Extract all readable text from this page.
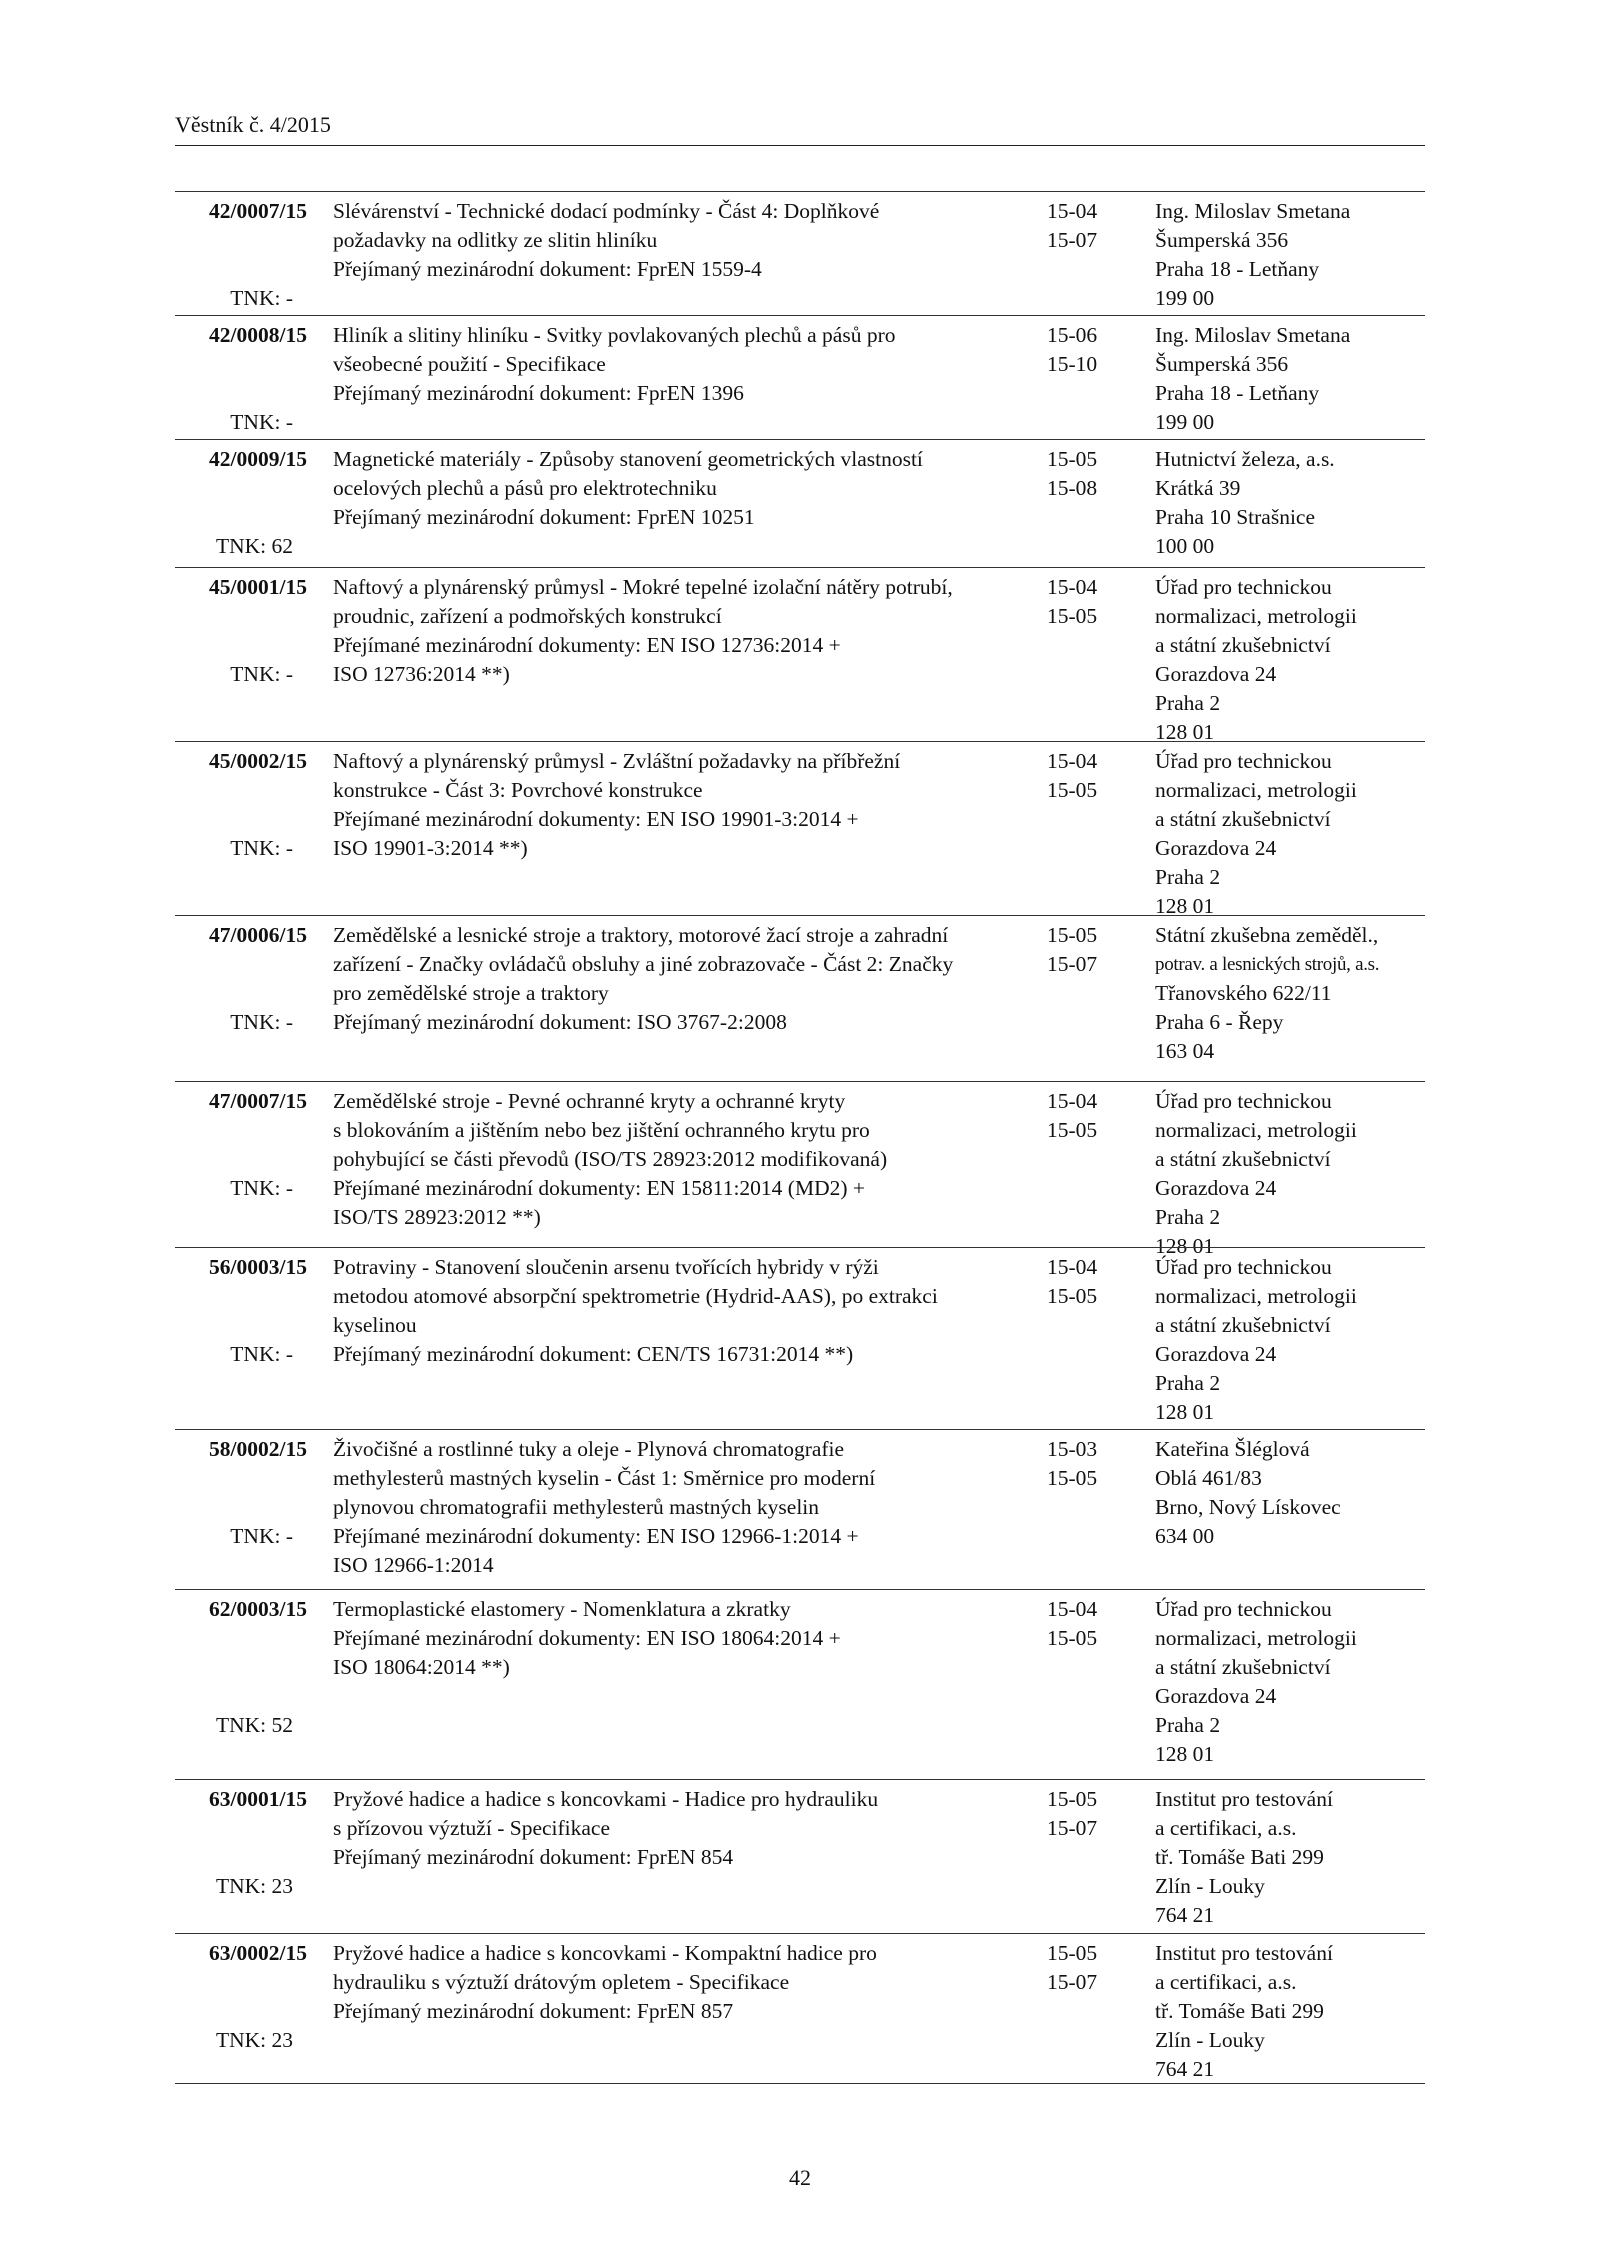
Věstník č. 4/2015
42/0007/15
TNK: -
Slévárenství - Technické dodací podmínky - Část 4: Doplňkové
požadavky na odlitky ze slitin hliníku
Přejímaný mezinárodní dokument: FprEN 1559-4
15-04
15-07
Ing. Miloslav Smetana
Šumperská 356
Praha 18 - Letňany
199 00
42/0008/15
TNK: -
Hliník a slitiny hliníku - Svitky povlakovaných plechů a pásů pro
všeobecné použití - Specifikace
Přejímaný mezinárodní dokument: FprEN 1396
15-06
15-10
Ing. Miloslav Smetana
Šumperská 356
Praha 18 - Letňany
199 00
42/0009/15
TNK: 62
Magnetické materiály - Způsoby stanovení geometrických vlastností
ocelových plechů a pásů pro elektrotechniku
Přejímaný mezinárodní dokument: FprEN 10251
15-05
15-08
Hutnictví železa, a.s.
Krátká 39
Praha 10 Strašnice
100 00
45/0001/15
TNK: -
Naftový a plynárenský průmysl - Mokré tepelné izolační nátěry potrubí,
proudnic, zařízení a podmořských konstrukcí
Přejímané mezinárodní dokumenty: EN ISO 12736:2014 +
ISO 12736:2014 **)
15-04
15-05
Úřad pro technickou
normalizaci, metrologii
a státní zkušebnictví
Gorazdova 24
Praha 2
128 01
45/0002/15
TNK: -
Naftový a plynárenský průmysl - Zvláštní požadavky na příbřežní
konstrukce - Část 3: Povrchové konstrukce
Přejímané mezinárodní dokumenty: EN ISO 19901-3:2014 +
ISO 19901-3:2014 **)
15-04
15-05
Úřad pro technickou
normalizaci, metrologii
a státní zkušebnictví
Gorazdova 24
Praha 2
128 01
47/0006/15
TNK: -
Zemědělské a lesnické stroje a traktory, motorové žací stroje a zahradní
zařízení - Značky ovládačů obsluhy a jiné zobrazovače - Část 2: Značky
pro zemědělské stroje a traktory
Přejímaný mezinárodní dokument: ISO 3767-2:2008
15-05
15-07
Státní zkušebna zeměděl.,
potrav. a lesnických strojů, a.s.
Třanovského 622/11
Praha 6 - Řepy
163 04
47/0007/15
TNK: -
Zemědělské stroje - Pevné ochranné kryty a ochranné kryty
s blokováním a jištěním nebo bez jištění ochranného krytu pro
pohybující se části převodů (ISO/TS 28923:2012 modifikovaná)
Přejímané mezinárodní dokumenty: EN 15811:2014 (MD2) +
ISO/TS 28923:2012 **)
15-04
15-05
Úřad pro technickou
normalizaci, metrologii
a státní zkušebnictví
Gorazdova 24
Praha 2
128 01
56/0003/15
TNK: -
Potraviny - Stanovení sloučenin arsenu tvořících hybridy v rýži
metodou atomové absorpční spektrometrie (Hydrid-AAS), po extrakci
kyselinou
Přejímaný mezinárodní dokument: CEN/TS 16731:2014 **)
15-04
15-05
Úřad pro technickou
normalizaci, metrologii
a státní zkušebnictví
Gorazdova 24
Praha 2
128 01
58/0002/15
TNK: -
Živočišné a rostlinné tuky a oleje - Plynová chromatografie
methylesterů mastných kyselin - Část 1: Směrnice pro moderní
plynovou chromatografii methylesterů mastných kyselin
Přejímané mezinárodní dokumenty: EN ISO 12966-1:2014 +
ISO 12966-1:2014
15-03
15-05
Kateřina Šléglová
Oblá 461/83
Brno, Nový Lískovec
634 00
62/0003/15
TNK: 52
Termoplastické elastomery - Nomenklatura a zkratky
Přejímané mezinárodní dokumenty: EN ISO 18064:2014 +
ISO 18064:2014 **)
15-04
15-05
Úřad pro technickou
normalizaci, metrologii
a státní zkušebnictví
Gorazdova 24
Praha 2
128 01
63/0001/15
TNK: 23
Pryžové hadice a hadice s koncovkami - Hadice pro hydrauliku
s přízovou výztuží - Specifikace
Přejímaný mezinárodní dokument: FprEN 854
15-05
15-07
Institut pro testování
a certifikaci, a.s.
tř. Tomáše Bati 299
Zlín - Louky
764 21
63/0002/15
TNK: 23
Pryžové hadice a hadice s koncovkami - Kompaktní hadice pro
hydrauliku s výztuží drátovým opletem - Specifikace
Přejímaný mezinárodní dokument: FprEN 857
15-05
15-07
Institut pro testování
a certifikaci, a.s.
tř. Tomáše Bati 299
Zlín - Louky
764 21
42
